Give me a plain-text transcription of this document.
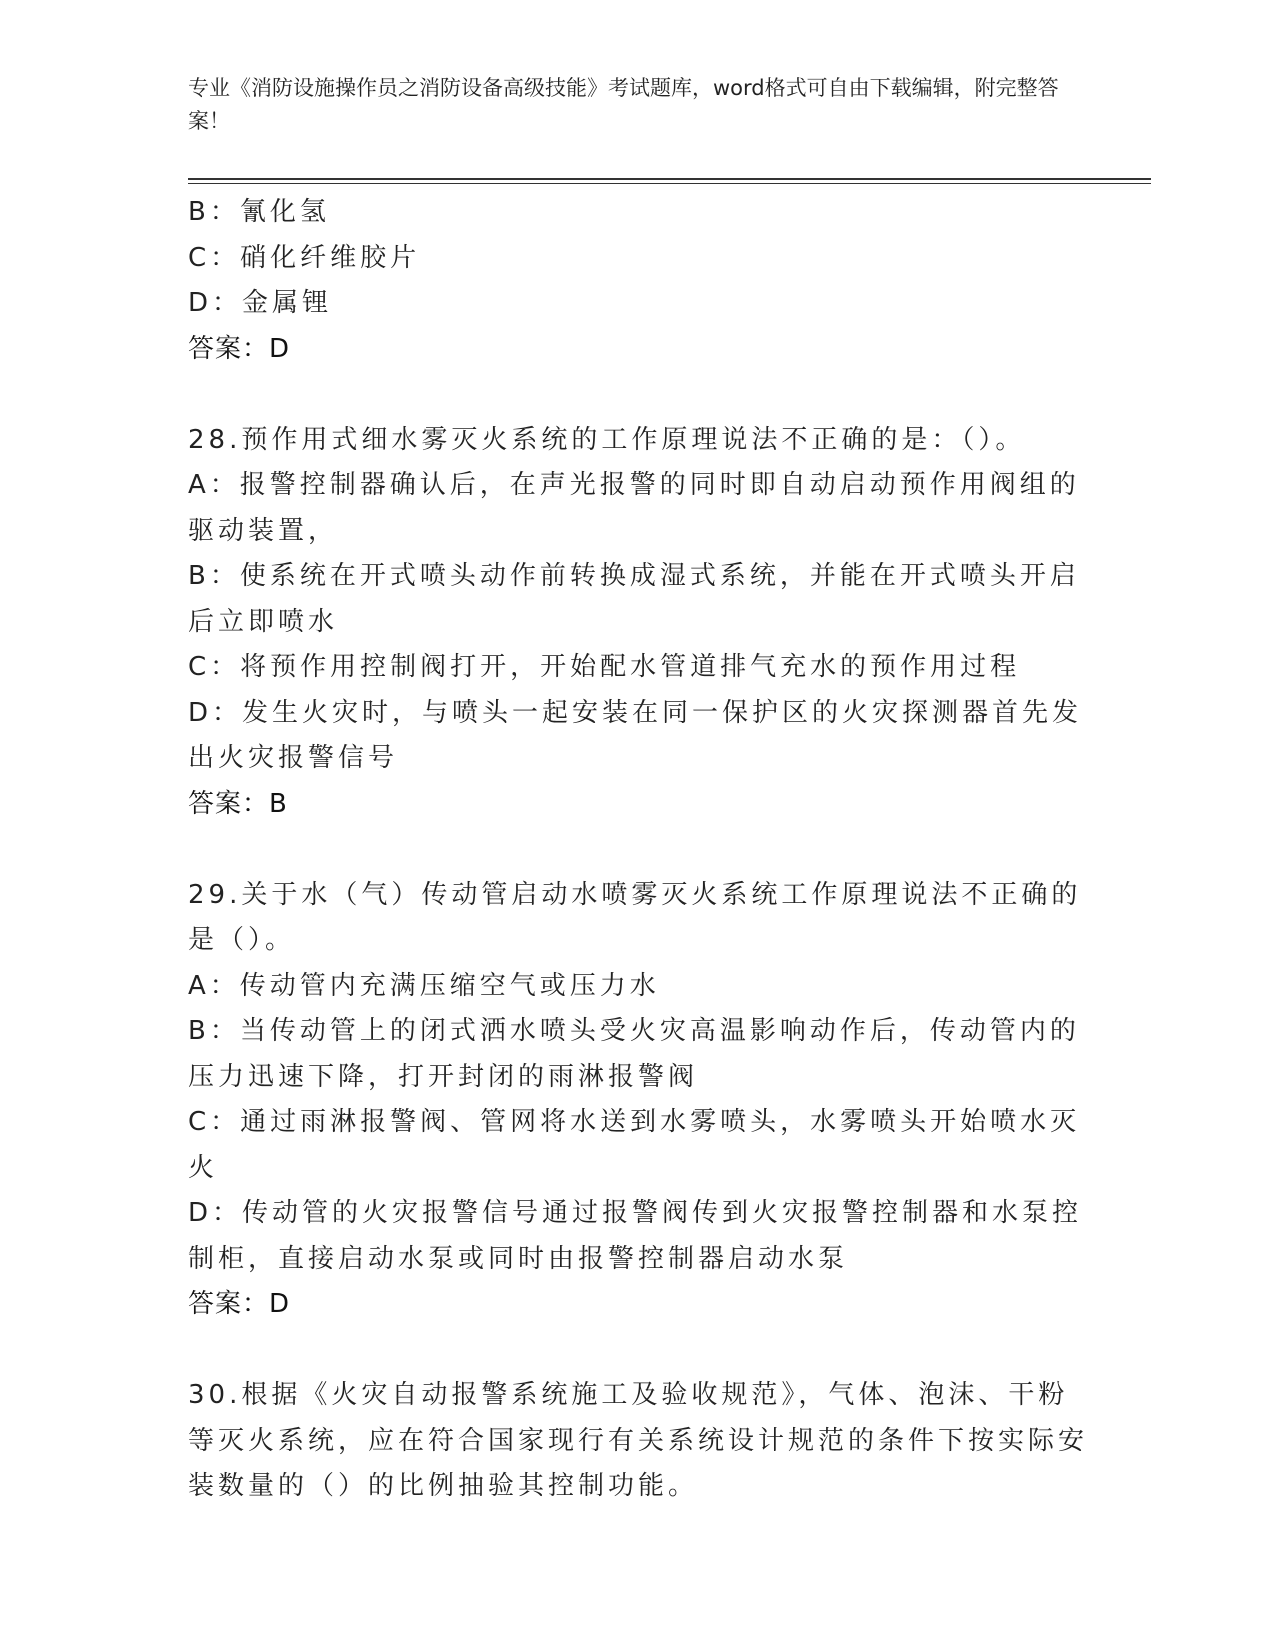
专业《消防设施操作员之消防设备高级技能》考试题库，word格式可自由下载编辑，附完整答案！

B：氰化氢

C：硝化纤维胶片

D：金属锂

答案：D

28.预作用式细水雾灭火系统的工作原理说法不正确的是：（）。

A：报警控制器确认后，在声光报警的同时即自动启动预作用阀组的驱动装置，

B：使系统在开式喷头动作前转换成湿式系统，并能在开式喷头开启后立即喷水

C：将预作用控制阀打开，开始配水管道排气充水的预作用过程

D：发生火灾时，与喷头一起安装在同一保护区的火灾探测器首先发出火灾报警信号

答案：B

29.关于水（气）传动管启动水喷雾灭火系统工作原理说法不正确的是（）。

A：传动管内充满压缩空气或压力水

B：当传动管上的闭式洒水喷头受火灾高温影响动作后，传动管内的压力迅速下降，打开封闭的雨淋报警阀

C：通过雨淋报警阀、管网将水送到水雾喷头，水雾喷头开始喷水灭火

D：传动管的火灾报警信号通过报警阀传到火灾报警控制器和水泵控制柜，直接启动水泵或同时由报警控制器启动水泵

答案：D

30.根据《火灾自动报警系统施工及验收规范》，气体、泡沫、干粉等灭火系统，应在符合国家现行有关系统设计规范的条件下按实际安装数量的（）的比例抽验其控制功能。
